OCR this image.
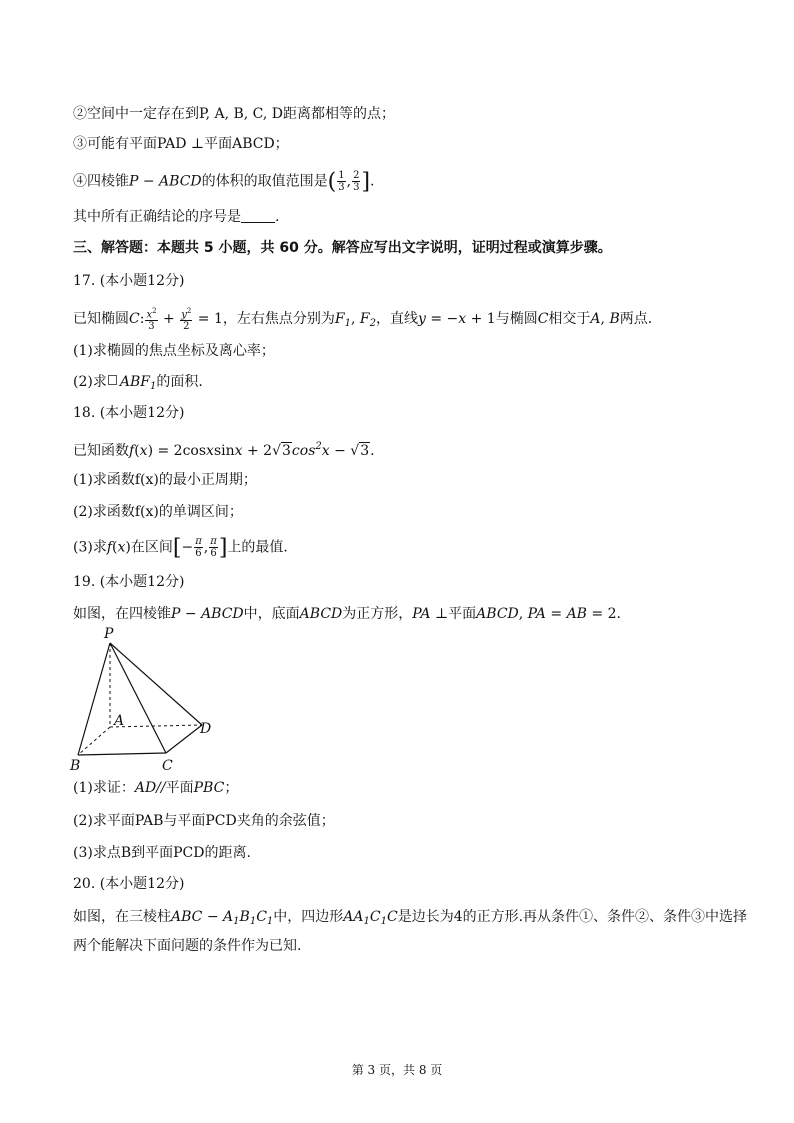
②空间中一定存在到P, A, B, C, D距离都相等的点；
③可能有平面PAD ⊥平面ABCD；
④四棱锥P − ABCD的体积的取值范围是( $\frac{1}{3}$ , $\frac{2}{3}$ ].
其中所有正确结论的序号是 .
三、解答题：本题共 5 小题，共 60 分。解答应写出文字说明，证明过程或演算步骤。
17. (本小题12分)
已知椭圆C: $\frac{x^2}{3} + \frac{y^2}{2} = 1$，左右焦点分别为$F_1$, $F_2$，直线y = −x + 1与椭圆C相交于A, B两点.
(1)求椭圆的焦点坐标及离心率；
(2)求 $ABF_1$的面积.
18. (本小题12分)
已知函数f(x) = 2cosxsinx + $2√3\cos^2x - √3$.
(1)求函数f(x)的最小正周期；
(2)求函数f(x)的单调区间；
(3)求f(x)在区间[− $\frac{\pi}{6}$ , $\frac{\pi}{6}$ ]上的最值.
19. (本小题12分)
如图，在四棱锥P − ABCD中，底面ABCD为正方形，PA ⊥平面ABCD, PA = AB = 2.
P
A
B	C
D
(1)求证：AD//平面PBC；
(2)求平面PAB与平面PCD夹角的余弦值；
(3)求点B到平面PCD的距离.
20. (本小题12分)
如图，在三棱柱ABC − $A_1B_1C_1$中，四边形$AA_1C_1C$是边长为4的正方形.再从条件①、条件②、条件③中选择
两个能解决下面问题的条件作为已知.
第 3 页，共 8 页
